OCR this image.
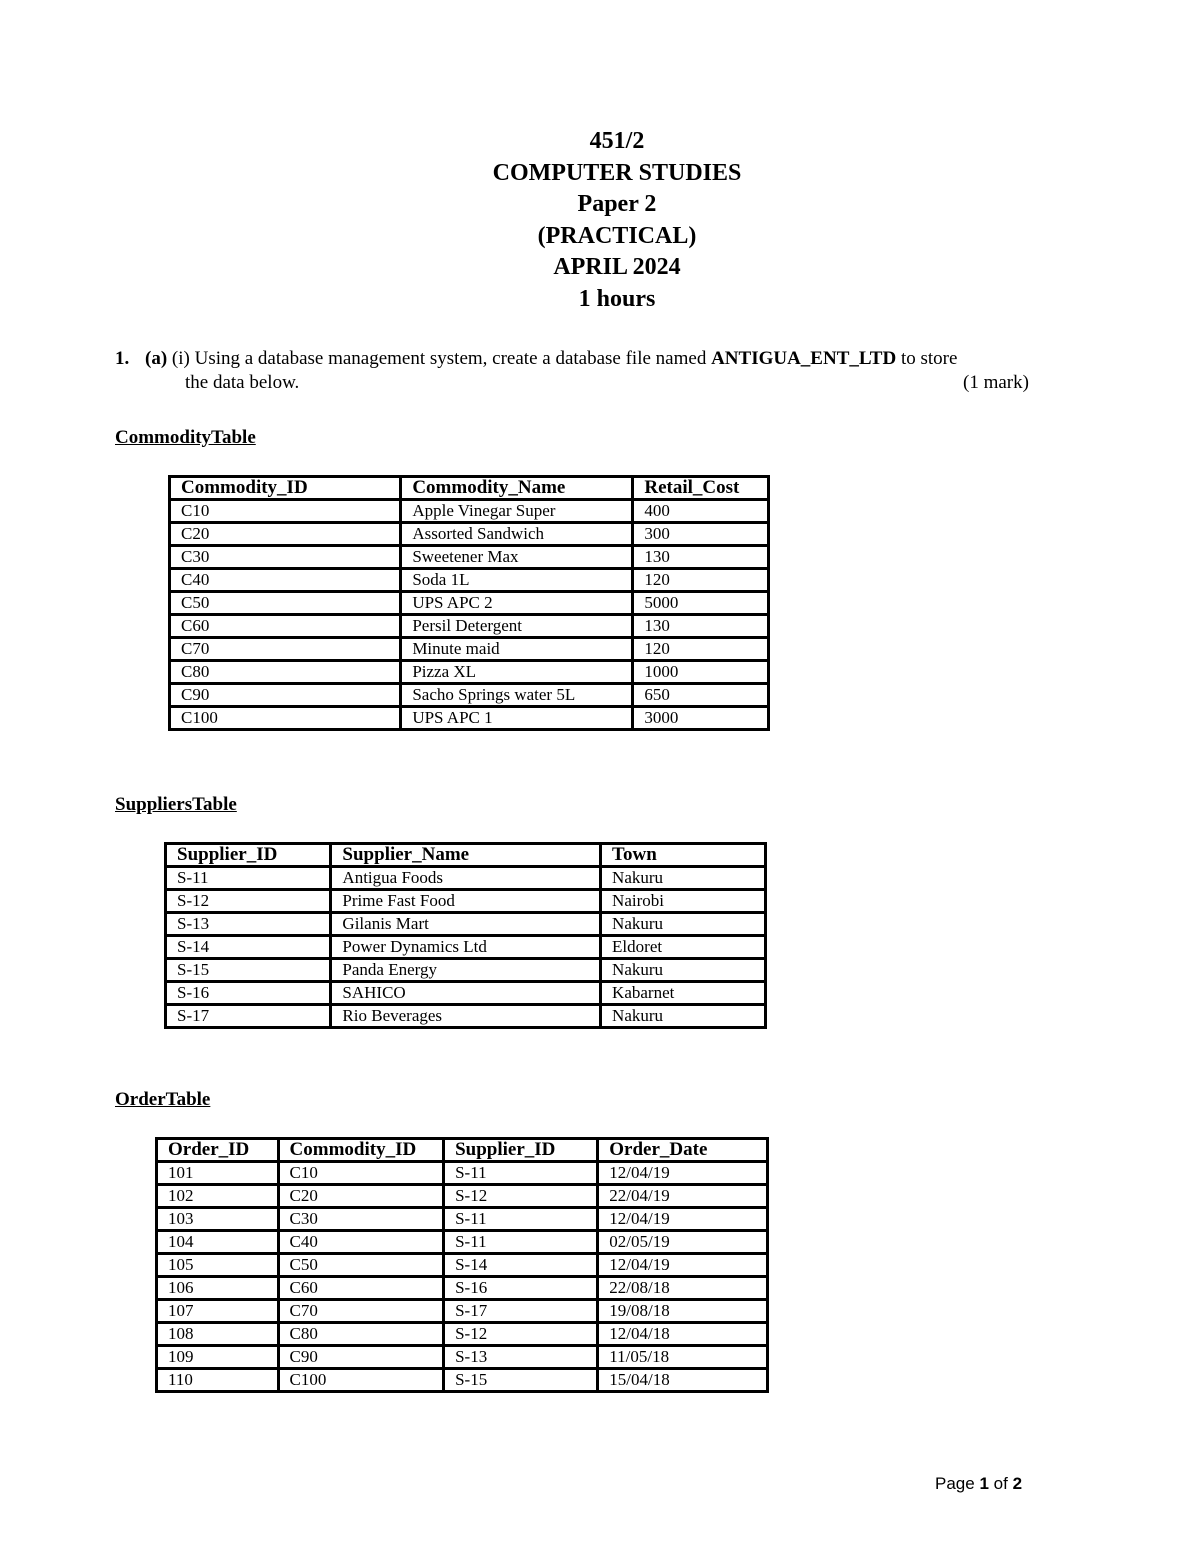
451/2
COMPUTER STUDIES
Paper 2
(PRACTICAL)
APRIL 2024
1 hours
1. (a) (i) Using a database management system, create a database file named ANTIGUA_ENT_LTD to store
the data below.	(1 mark)
CommodityTable
Commodity_ID	Commodity_Name	Retail_Cost
C10	Apple Vinegar Super	400
C20	Assorted Sandwich	300
C30	Sweetener Max	130
C40	Soda 1L	120
C50	UPS APC 2	5000
C60	Persil Detergent	130
C70	Minute maid	120
C80	Pizza XL	1000
C90	Sacho Springs water 5L	650
C100	UPS APC 1	3000
SuppliersTable
Supplier_ID	Supplier_Name	Town
S-11	Antigua Foods	Nakuru
S-12	Prime Fast Food	Nairobi
S-13	Gilanis Mart	Nakuru
S-14	Power Dynamics Ltd	Eldoret
S-15	Panda Energy	Nakuru
S-16	SAHICO	Kabarnet
S-17	Rio Beverages	Nakuru
OrderTable
Order_ID	Commodity_ID	Supplier_ID	Order_Date
101	C10	S-11	12/04/19
102	C20	S-12	22/04/19
103	C30	S-11	12/04/19
104	C40	S-11	02/05/19
105	C50	S-14	12/04/19
106	C60	S-16	22/08/18
107	C70	S-17	19/08/18
108	C80	S-12	12/04/18
109	C90	S-13	11/05/18
110	C100	S-15	15/04/18
Page 1 of 2
